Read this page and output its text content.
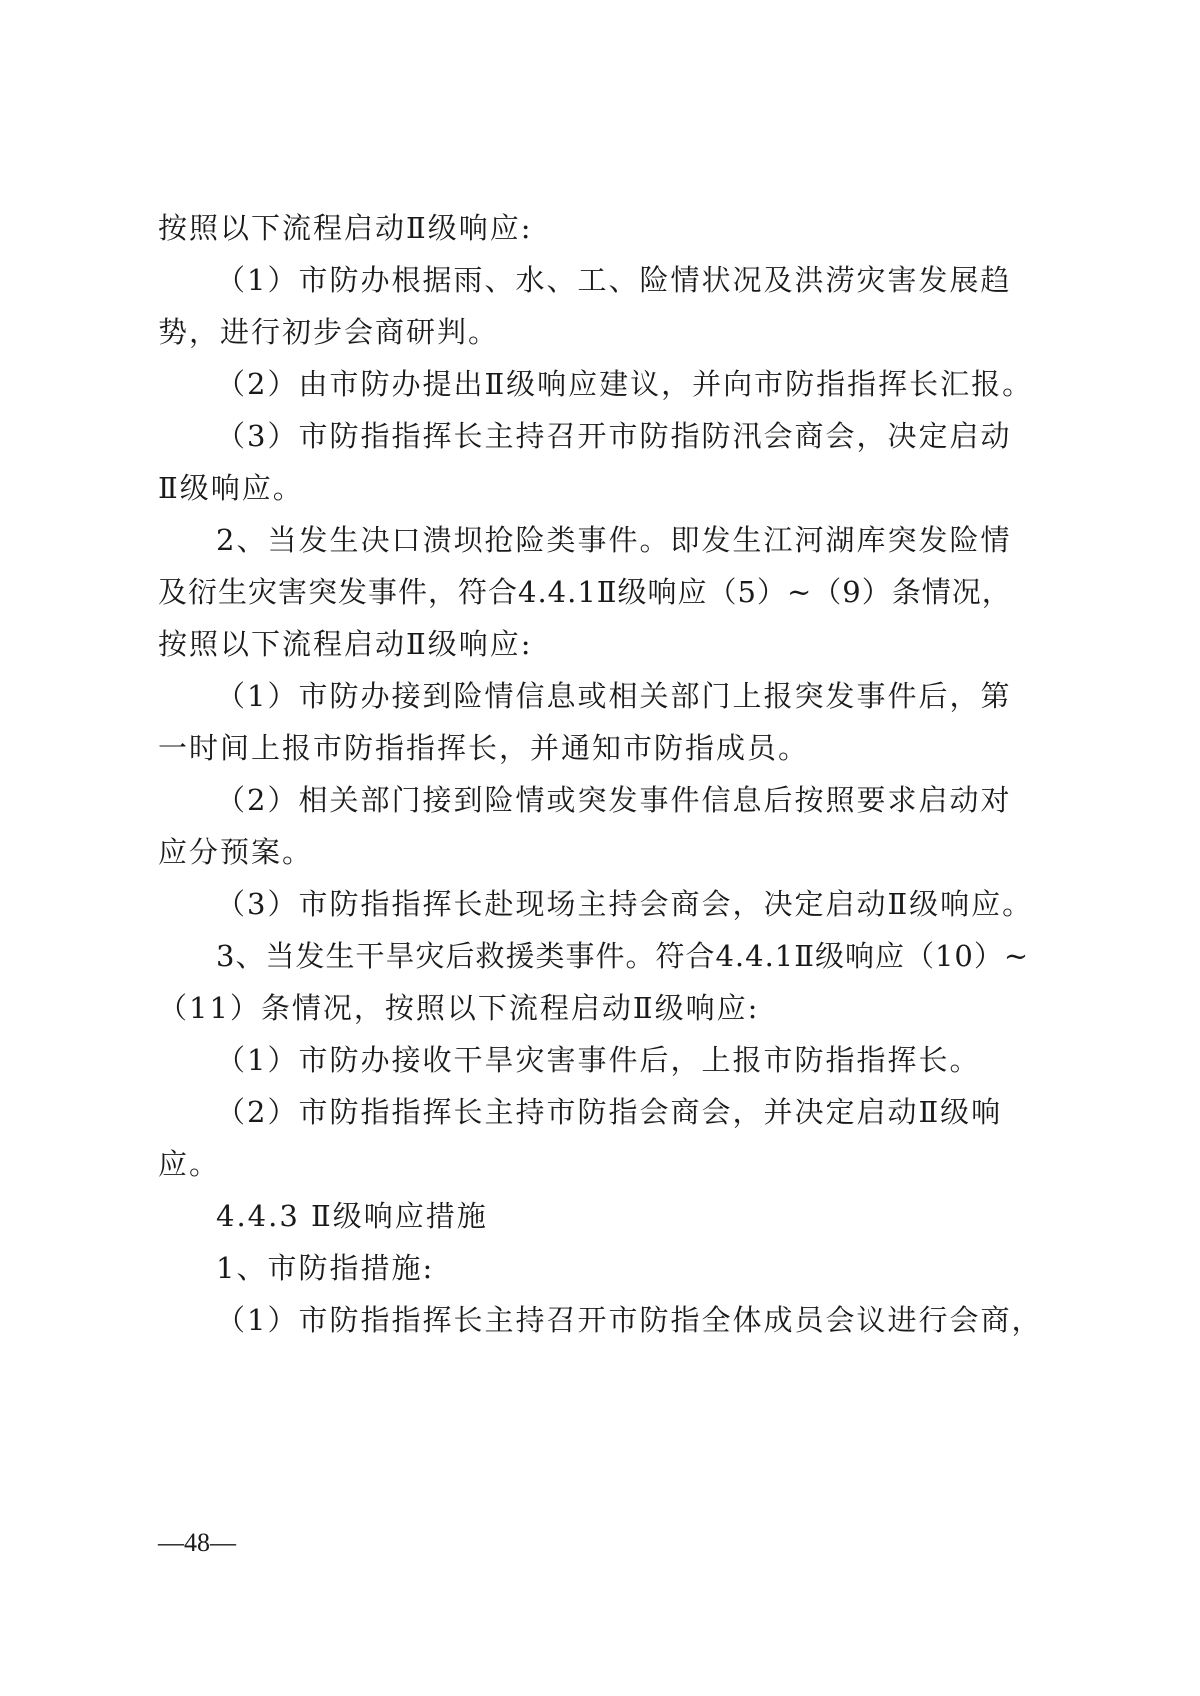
按照以下流程启动Ⅱ级响应:
（1）市防办根据雨、水、工、险情状况及洪涝灾害发展趋
势，进行初步会商研判。
（2）由市防办提出Ⅱ级响应建议，并向市防指指挥长汇报。
（3）市防指指挥长主持召开市防指防汛会商会，决定启动
Ⅱ级响应。
2、当发生决口溃坝抢险类事件。即发生江河湖库突发险情
及衍生灾害突发事件，符合4.4.1Ⅱ级响应（5）~（9）条情况，
按照以下流程启动Ⅱ级响应:
（1）市防办接到险情信息或相关部门上报突发事件后，第
一时间上报市防指指挥长，并通知市防指成员。
（2）相关部门接到险情或突发事件信息后按照要求启动对
应分预案。
（3）市防指指挥长赴现场主持会商会，决定启动Ⅱ级响应。
3、当发生干旱灾后救援类事件。符合4.4.1Ⅱ级响应（10）~
（11）条情况，按照以下流程启动Ⅱ级响应:
（1）市防办接收干旱灾害事件后，上报市防指指挥长。
（2）市防指指挥长主持市防指会商会，并决定启动Ⅱ级响
应。
4.4.3 Ⅱ级响应措施
1、市防指措施:
（1）市防指指挥长主持召开市防指全体成员会议进行会商，
—48—
